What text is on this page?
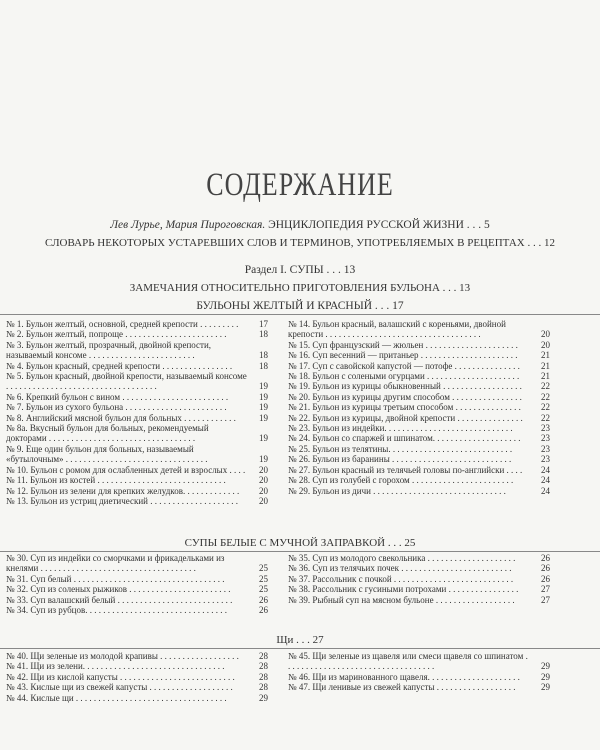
СОДЕРЖАНИЕ
Лев Лурье, Мария Пироговская. ЭНЦИКЛОПЕДИЯ РУССКОЙ ЖИЗНИ . . . 5
СЛОВАРЬ НЕКОТОРЫХ УСТАРЕВШИХ СЛОВ И ТЕРМИНОВ, УПОТРЕБЛЯЕМЫХ В РЕЦЕПТАХ . . . 12
Раздел I. СУПЫ . . . 13
ЗАМЕЧАНИЯ ОТНОСИТЕЛЬНО ПРИГОТОВЛЕНИЯ БУЛЬОНА . . . 13
БУЛЬОНЫ ЖЕЛТЫЙ И КРАСНЫЙ . . . 17
№ 1. Бульон желтый, основной, средней крепости . . . . . . . . . 17
№ 2. Бульон желтый, попроще . . . . . . . . . . . . . . . . . . . . . . .	18
№ 3. Бульон желтый, прозрачный, двойной крепости, называемый консоме . . . . . . . . . . . . . . . . . . . . . . . .	18
№ 4. Бульон красный, средней крепости . . . . . . . . . . . . . . . .	18
№ 5. Бульон красный, двойной крепости, называемый консоме . . . . . . . . . . . . . . . . . . . . . . . . . . . . . . . . . .	19
№ 6. Крепкий бульон с вином . . . . . . . . . . . . . . . . . . . . . . . .	19
№ 7. Бульон из сухого бульона . . . . . . . . . . . . . . . . . . . . . . .	19
№ 8. Английский мясной бульон для больных . . . . . . . . . . . .	19
№ 8а. Вкусный бульон для больных, рекомендуемый докторами . . . . . . . . . . . . . . . . . . . . . . . . . . . . . . . . .	19
№ 9. Еще один бульон для больных, называемый «бутылочным» . . . . . . . . . . . . . . . . . . . . . . . . . . . . . . . .	19
№ 10. Бульон с ромом для ослабленных детей и взрослых . . . . 20
№ 11. Бульон из костей . . . . . . . . . . . . . . . . . . . . . . . . . . . . .	20
№ 12. Бульон из зелени для крепких желудков. . . . . . . . . . . . . 20
№ 13. Бульон из устриц диетический . . . . . . . . . . . . . . . . . . . . 20
№ 14. Бульон красный, валашский с кореньями, двойной крепости . . . . . . . . . . . . . . . . . . . . . . . . . . . . . . . . . . .	20
№ 15. Суп французский — жюльен . . . . . . . . . . . . . . . . . . . . .	20
№ 16. Суп весенний — пританьер . . . . . . . . . . . . . . . . . . . . . .	21
№ 17. Суп с савойской капустой — потофе . . . . . . . . . . . . . . . 21
№ 18. Бульон с солеными огурцами . . . . . . . . . . . . . . . . . . . . . 21
№ 19. Бульон из курицы обыкновенный . . . . . . . . . . . . . . . . . . 22
№ 20. Бульон из курицы другим способом . . . . . . . . . . . . . . . . 22
№ 21. Бульон из курицы третьим способом . . . . . . . . . . . . . . . 22
№ 22. Бульон из курицы, двойной крепости . . . . . . . . . . . . . . . 22
№ 23. Бульон из индейки. . . . . . . . . . . . . . . . . . . . . . . . . . . . .	23
№ 24. Бульон со спаржей и шпинатом. . . . . . . . . . . . . . . . . . . . 23
№ 25. Бульон из телятины. . . . . . . . . . . . . . . . . . . . . . . . . . . .	23
№ 26. Бульон из баранины . . . . . . . . . . . . . . . . . . . . . . . . . . .	23
№ 27. Бульон красный из телячьей головы по-английски . . . . 24
№ 28. Суп из голубей с горохом . . . . . . . . . . . . . . . . . . . . . . .	24
№ 29. Бульон из дичи . . . . . . . . . . . . . . . . . . . . . . . . . . . . . .	24
СУПЫ БЕЛЫЕ С МУЧНОЙ ЗАПРАВКОЙ . . . 25
№ 30. Суп из индейки со сморчками и фрикадельками из кнелями . . . . . . . . . . . . . . . . . . . . . . . . . . . . . . . . . . .	25
№ 31. Суп белый . . . . . . . . . . . . . . . . . . . . . . . . . . . . . . . . . .	25
№ 32. Суп из соленых рыжиков . . . . . . . . . . . . . . . . . . . . . . .	25
№ 33. Суп валашский белый . . . . . . . . . . . . . . . . . . . . . . . . . .	26
№ 34. Суп из рубцов. . . . . . . . . . . . . . . . . . . . . . . . . . . . . . . .	26
№ 35. Суп из молодого свекольника . . . . . . . . . . . . . . . . . . . .	26
№ 36. Суп из телячьих почек . . . . . . . . . . . . . . . . . . . . . . . . .	26
№ 37. Рассольник с почкой . . . . . . . . . . . . . . . . . . . . . . . . . . .	26
№ 38. Рассольник с гусиными потрохами . . . . . . . . . . . . . . . .	27
№ 39. Рыбный суп на мясном бульоне . . . . . . . . . . . . . . . . . .	27
Щи . . . 27
№ 40. Щи зеленые из молодой крапивы . . . . . . . . . . . . . . . . . . 28
№ 41. Щи из зелени. . . . . . . . . . . . . . . . . . . . . . . . . . . . . . . .	28
№ 42. Щи из кислой капусты . . . . . . . . . . . . . . . . . . . . . . . . . .	28
№ 43. Кислые щи из свежей капусты . . . . . . . . . . . . . . . . . . .	28
№ 44. Кислые щи . . . . . . . . . . . . . . . . . . . . . . . . . . . . . . . . . .	29
№ 45. Щи зеленые из щавеля или смеси щавеля со шпинатом . . . . . . . . . . . . . . . . . . . . . . . . . . . . . . . . . .	29
№ 46. Щи из маринованного щавеля. . . . . . . . . . . . . . . . . . . . . 29
№ 47. Щи ленивые из свежей капусты . . . . . . . . . . . . . . . . . .	29
